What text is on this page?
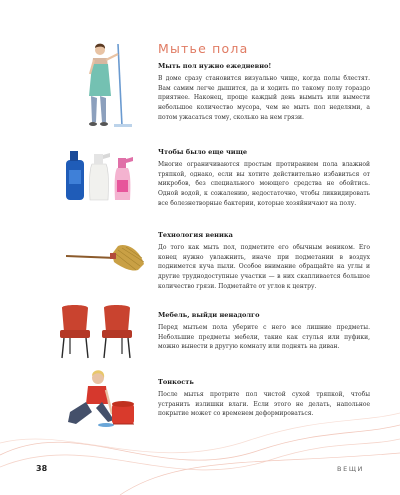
Мытье пола

Мыть пол нужно ежедневно!

В доме сразу становится визуально чище, когда полы блестят. Вам самим легче дышится, да и ходить по такому полу гораздо приятнее. Наконец, проще каждый день вымыть или вымести небольшое количество мусора, чем не мыть пол неделями, а потом ужасаться тому, сколько на нем грязи.

Чтобы было еще чище

Многие ограничиваются простым протиранием пола влажной тряпкой, однако, если вы хотите действительно избавиться от микробов, без специального моющего средства не обойтись. Одной водой, к сожалению, недостаточно, чтобы ликвидировать все болезнетворные бактерии, которые хозяйничают на полу.

Технология веника

До того как мыть пол, подметите его обычным веником. Его конец нужно увлажнить, иначе при подметании в воздух поднимется куча пыли. Особое внимание обращайте на углы и другие труднодоступные участки — в них скапливается большое количество грязи. Подметайте от углов к центру.

Мебель, выйди ненадолго

Перед мытьем пола уберите с него все лишние предметы. Небольшие предметы мебели, такие как стулья или пуфики, можно вынести в другую комнату или поднять на диван.

Тонкость

После мытья протрите пол чистой сухой тряпкой, чтобы устранить излишки влаги. Если этого не делать, напольное покрытие может со временем деформироваться.

38	ВЕЩИ
